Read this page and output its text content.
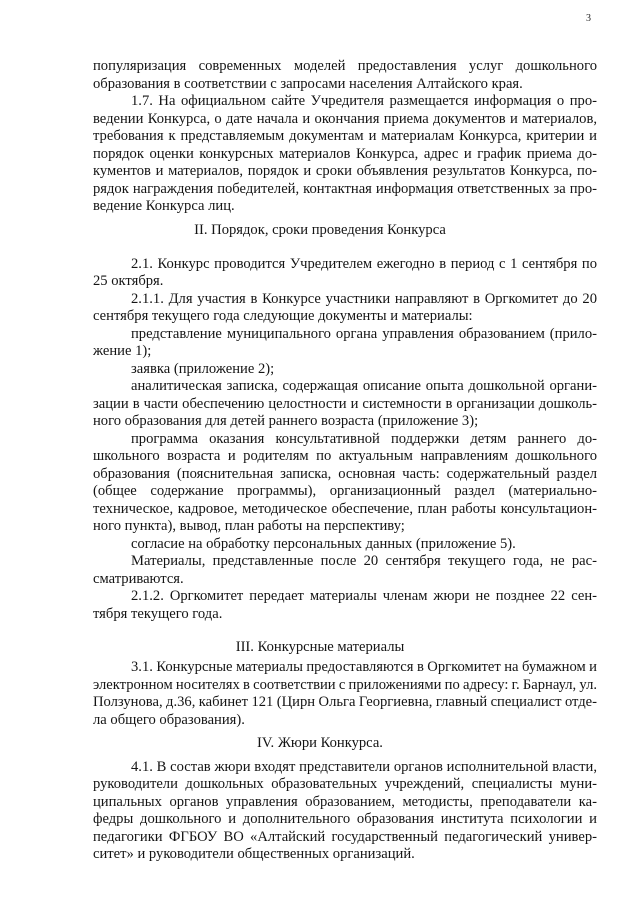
3
популяризация современных моделей предоставления услуг дошкольного
образования в соответствии с запросами населения Алтайского края.
1.7. На официальном сайте Учредителя размещается информация о про-
ведении Конкурса, о дате начала и окончания приема документов и материалов,
требования к представляемым документам и материалам Конкурса, критерии и
порядок оценки конкурсных материалов Конкурса, адрес и график приема до-
кументов и материалов, порядок и сроки объявления результатов Конкурса, по-
рядок награждения победителей, контактная информация ответственных за про-
ведение Конкурса лиц.
II. Порядок, сроки проведения Конкурса
2.1. Конкурс проводится Учредителем ежегодно в период с 1 сентября по
25 октября.
2.1.1. Для участия в Конкурсе участники направляют в Оргкомитет до 20
сентября текущего года следующие документы и материалы:
представление муниципального органа управления образованием (прило-
жение 1);
заявка (приложение 2);
аналитическая записка, содержащая описание опыта дошкольной органи-
зации в части обеспечению целостности и системности в организации дошколь-
ного образования для детей раннего возраста (приложение 3);
программа оказания консультативной поддержки детям раннего до-
школьного возраста и родителям по актуальным направлениям дошкольного
образования (пояснительная записка, основная часть: содержательный раздел
(общее содержание программы), организационный раздел (материально-
техническое, кадровое, методическое обеспечение, план работы консультацион-
ного пункта), вывод, план работы на перспективу;
согласие на обработку персональных данных (приложение 5).
Материалы, представленные после 20 сентября текущего года, не рас-
сматриваются.
2.1.2. Оргкомитет передает материалы членам жюри не позднее 22 сен-
тября текущего года.
III. Конкурсные материалы
3.1. Конкурсные материалы предоставляются в Оргкомитет на бумажном и
электронном носителях в соответствии с приложениями по адресу: г. Барнаул, ул.
Ползунова, д.36, кабинет 121 (Цирн Ольга Георгиевна, главный специалист отде-
ла общего образования).
IV. Жюри Конкурса.
4.1. В состав жюри входят представители органов исполнительной власти,
руководители дошкольных образовательных учреждений, специалисты муни-
ципальных органов управления образованием, методисты, преподаватели ка-
федры дошкольного и дополнительного образования института психологии и
педагогики ФГБОУ ВО «Алтайский государственный педагогический универ-
ситет» и руководители общественных организаций.
